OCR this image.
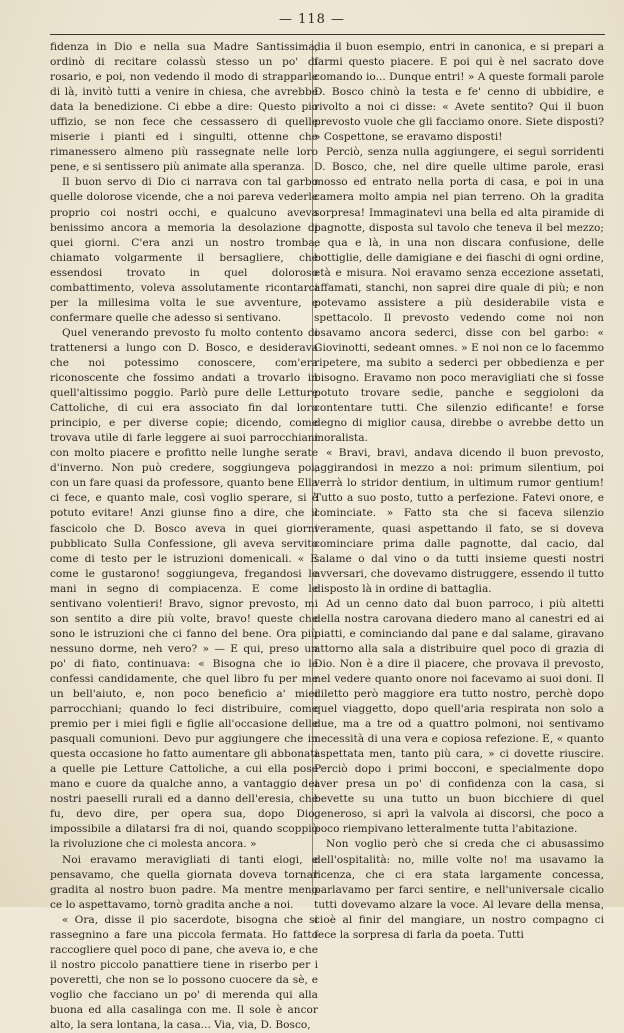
— 118 —

fidenza in Dio e nella sua Madre Santissima, ordinò di recitare colassù stesso un po' di rosario, e poi, non vedendo il modo di strapparle di là, invitò tutti a venire in chiesa, che avrebbe data la benedizione. Ci ebbe a dire: Questo pio uffizio, se non fece che cessassero di quelle miserie i pianti ed i singulti, ottenne che rimanessero almeno più rassegnate nelle loro pene, e si sentissero più animate alla speranza.

Il buon servo di Dio ci narrava con tal garbo quelle dolorose vicende, che a noi pareva vederle proprio coi nostri occhi, e qualcuno aveva benissimo ancora a memoria la desolazione di quei giorni. C'era anzi un nostro tromba, chiamato volgarmente il bersagliere, che essendosi trovato in quel doloroso combattimento, voleva assolutamente ricontarci per la millesima volta le sue avventure, e confermare quelle che adesso si sentivano.

Quel venerando prevosto fu molto contento di trattenersi a lungo con D. Bosco, e desiderava che noi potessimo conoscere, com'era riconoscente che fossimo andati a trovarlo in quell'altissimo poggio. Parlò pure delle Letture Cattoliche, di cui era associato fin dal loro principio, e per diverse copie; dicendo, come trovava utile di farle leggere ai suoi parrocchiani con molto piacere e profitto nelle lunghe serate d'inverno. Non può credere, soggiungeva poi, con un fare quasi da professore, quanto bene Ella ci fece, e quanto male, così voglio sperare, si è potuto evitare! Anzi giunse fino a dire, che il fascicolo che D. Bosco aveva in quei giorni pubblicato Sulla Confessione, gli aveva servito come di testo per le istruzioni domenicali. « E come le gustarono! soggiungeva, fregandosi le mani in segno di compiacenza. E come le sentivano volentieri! Bravo, signor prevosto, mi son sentito a dire più volte, bravo! queste che sono le istruzioni che ci fanno del bene. Ora più nessuno dorme, neh vero? » — E qui, preso un po' di fiato, continuava: « Bisogna che io le confessi candidamente, che quel libro fu per me un bell'aiuto, e, non poco beneficio a' miei parrocchiani; quando lo feci distribuire, come premio per i miei figli e figlie all'occasione delle pasquali comunioni. Devo pur aggiungere che in questa occasione ho fatto aumentare gli abbonati a quelle pie Letture Cattoliche, a cui ella pose mano e cuore da qualche anno, a vantaggio dei nostri paeselli rurali ed a danno dell'eresia, che fu, devo dire, per opera sua, dopo Dio, impossibile a dilatarsi fra di noi, quando scoppiò la rivoluzione che ci molesta ancora. »

Noi eravamo meravigliati di tanti elogi, e pensavamo, che quella giornata doveva tornar gradita al nostro buon padre. Ma mentre meno ce lo aspettavamo, tornò gradita anche a noi.

« Ora, disse il pio sacerdote, bisogna che si rassegnino a fare una piccola fermata. Ho fatto raccogliere quel poco di pane, che aveva io, e che il nostro piccolo panattiere tiene in riserbo per i poveretti, che non se lo possono cuocere da sè, e voglio che facciano un po' di merenda qui alla buona ed alla casalinga con me. Il sole è ancor alto, la sera lontana, la casa... Via, via, D. Bosco,

dia il buon esempio, entri in canonica, e si prepari a farmi questo piacere. E poi qui è nel sacrato dove comando io... Dunque entri! » A queste formali parole D. Bosco chinò la testa e fe' cenno di ubbidire, e rivolto a noi ci disse: « Avete sentito? Qui il buon prevosto vuole che gli facciamo onore. Siete disposti? » Cospettone, se eravamo disposti!

Perciò, senza nulla aggiungere, ei seguì sorridenti D. Bosco, che, nel dire quelle ultime parole, erasi mosso ed entrato nella porta di casa, e poi in una camera molto ampia nel pian terreno. Oh la gradita sorpresa! Immaginatevi una bella ed alta piramide di pagnotte, disposta sul tavolo che teneva il bel mezzo; e qua e là, in una non discara confusione, delle bottiglie, delle damigiane e dei fiaschi di ogni ordine, età e misura. Noi eravamo senza eccezione assetati, affamati, stanchi, non saprei dire quale di più; e non potevamo assistere a più desiderabile vista e spettacolo. Il prevosto vedendo come noi non osavamo ancora sederci, disse con bel garbo: « Giovinotti, sedeant omnes. » E noi non ce lo facemmo ripetere, ma subito a sederci per obbedienza e per bisogno. Eravamo non poco meravigliati che si fosse potuto trovare sedie, panche e seggioloni da contentare tutti. Che silenzio edificante! e forse degno di miglior causa, direbbe o avrebbe detto un moralista.

« Bravi, bravi, andava dicendo il buon prevosto, aggirandosi in mezzo a noi: primum silentium, poi verrà lo stridor dentium, in ultimum rumor gentium! Tutto a suo posto, tutto a perfezione. Fatevi onore, e cominciate. » Fatto sta che si faceva silenzio veramente, quasi aspettando il fato, se si doveva cominciare prima dalle pagnotte, dal cacio, dal salame o dal vino o da tutti insieme questi nostri avversari, che dovevamo distruggere, essendo il tutto disposto là in ordine di battaglia.

Ad un cenno dato dal buon parroco, i più altetti della nostra carovana diedero mano al canestri ed ai piatti, e cominciando dal pane e dal salame, giravano attorno alla sala a distribuire quel poco di grazia di Dio. Non è a dire il piacere, che provava il prevosto, nel vedere quanto onore noi facevamo ai suoi doni. Il diletto però maggiore era tutto nostro, perchè dopo quel viaggetto, dopo quell'aria respirata non solo a due, ma a tre od a quattro polmoni, noi sentivamo necessità di una vera e copiosa refezione. E, « quanto aspettata men, tanto più cara, » ci dovette riuscire. Perciò dopo i primi bocconi, e specialmente dopo aver presa un po' di confidenza con la casa, si bevette su una tutto un buon bicchiere di quel generoso, si aprì la valvola ai discorsi, che poco a poco riempivano letteralmente tutta l'abitazione.

Non voglio però che si creda che ci abusassimo dell'ospitalità: no, mille volte no! ma usavamo la licenza, che ci era stata largamente concessa, parlavamo per farci sentire, e nell'universale cicalio tutti dovevamo alzare la voce. Al levare della mensa, cioè al finir del mangiare, un nostro compagno ci fece la sorpresa di farla da poeta. Tutti
